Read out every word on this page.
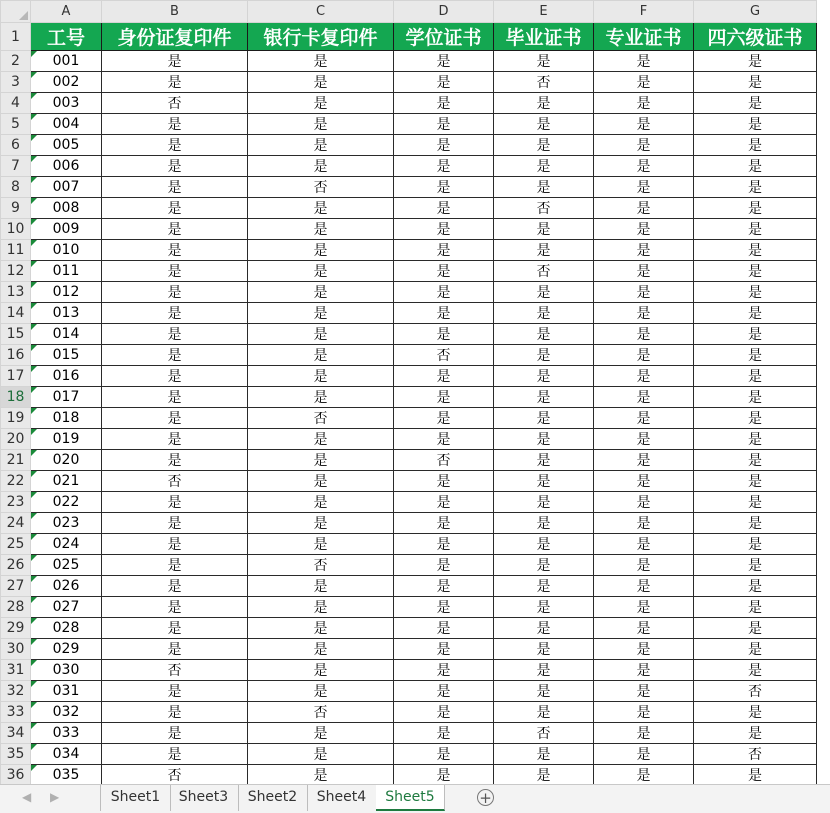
	A	B	C	D	E	F	G
1	工号	身份证复印件	银行卡复印件	学位证书	毕业证书	专业证书	四六级证书
2	001	是	是	是	是	是	是
3	002	是	是	是	否	是	是
4	003	否	是	是	是	是	是
5	004	是	是	是	是	是	是
6	005	是	是	是	是	是	是
7	006	是	是	是	是	是	是
8	007	是	否	是	是	是	是
9	008	是	是	是	否	是	是
10	009	是	是	是	是	是	是
11	010	是	是	是	是	是	是
12	011	是	是	是	否	是	是
13	012	是	是	是	是	是	是
14	013	是	是	是	是	是	是
15	014	是	是	是	是	是	是
16	015	是	是	否	是	是	是
17	016	是	是	是	是	是	是
18	017	是	是	是	是	是	是
19	018	是	否	是	是	是	是
20	019	是	是	是	是	是	是
21	020	是	是	否	是	是	是
22	021	否	是	是	是	是	是
23	022	是	是	是	是	是	是
24	023	是	是	是	是	是	是
25	024	是	是	是	是	是	是
26	025	是	否	是	是	是	是
27	026	是	是	是	是	是	是
28	027	是	是	是	是	是	是
29	028	是	是	是	是	是	是
30	029	是	是	是	是	是	是
31	030	否	是	是	是	是	是
32	031	是	是	是	是	是	否
33	032	是	否	是	是	是	是
34	033	是	是	是	否	是	是
35	034	是	是	是	是	是	否
36	035	否	是	是	是	是	是
◀ ▶	Sheet1	Sheet3	Sheet2	Sheet4	Sheet5	+
